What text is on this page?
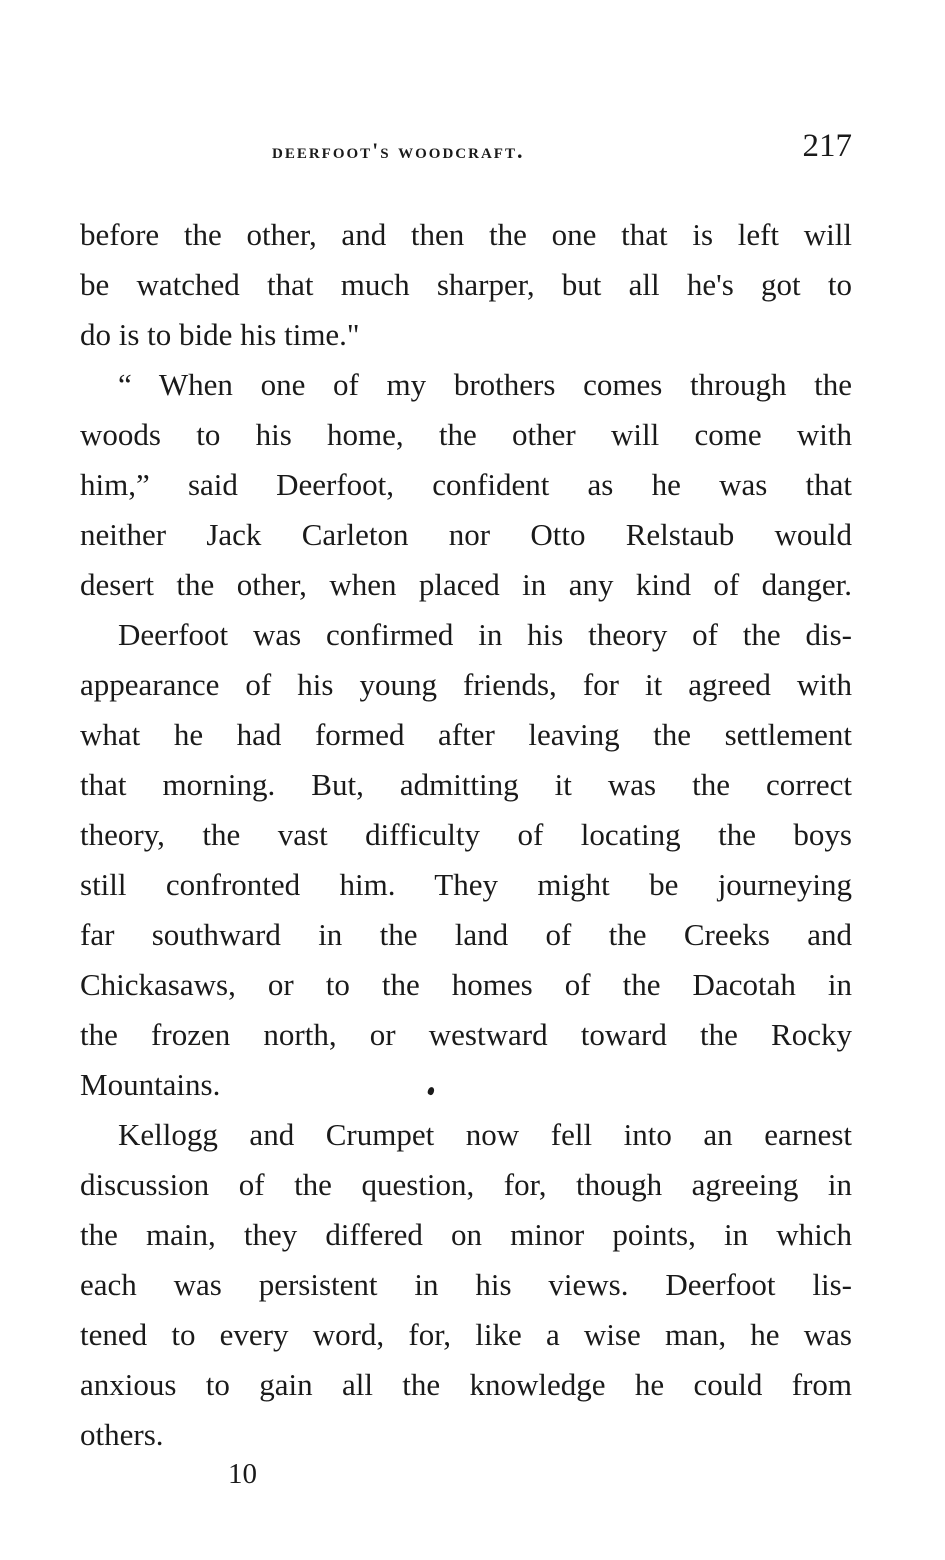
deerfoot's woodcraft.	217
before the other, and then the one that is left will
be watched that much sharper, but all he's got to
do is to bide his time."
“ When one of my brothers comes through the
woods to his home, the other will come with
him,” said Deerfoot, confident as he was that
neither Jack Carleton nor Otto Relstaub would
desert the other, when placed in any kind of danger.
Deerfoot was confirmed in his theory of the dis-
appearance of his young friends, for it agreed with
what he had formed after leaving the settlement
that morning. But, admitting it was the correct
theory, the vast difficulty of locating the boys
still confronted him. They might be journeying
far southward in the land of the Creeks and
Chickasaws, or to the homes of the Dacotah in
the frozen north, or westward toward the Rocky
Mountains.
Kellogg and Crumpet now fell into an earnest
discussion of the question, for, though agreeing in
the main, they differed on minor points, in which
each was persistent in his views. Deerfoot lis-
tened to every word, for, like a wise man, he was
anxious to gain all the knowledge he could from
others.
10
